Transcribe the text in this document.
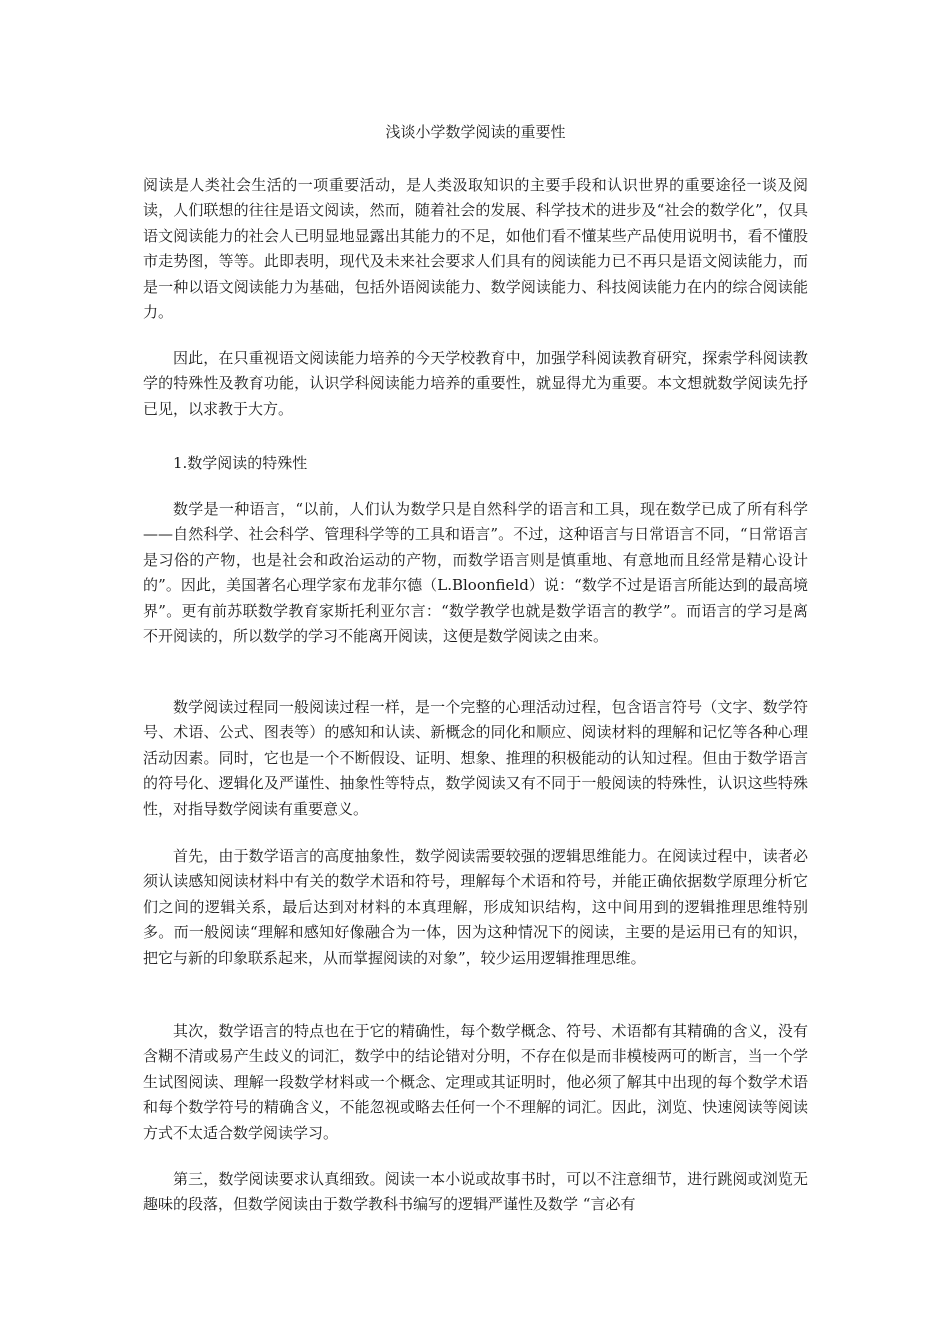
浅谈小学数学阅读的重要性

阅读是人类社会生活的一项重要活动，是人类汲取知识的主要手段和认识世界的重要途径一谈及阅读，人们联想的往往是语文阅读，然而，随着社会的发展、科学技术的进步及“社会的数学化”，仅具语文阅读能力的社会人已明显地显露出其能力的不足，如他们看不懂某些产品使用说明书，看不懂股市走势图，等等。此即表明，现代及未来社会要求人们具有的阅读能力已不再只是语文阅读能力，而是一种以语文阅读能力为基础，包括外语阅读能力、数学阅读能力、科技阅读能力在内的综合阅读能力。

因此，在只重视语文阅读能力培养的今天学校教育中，加强学科阅读教育研究，探索学科阅读教学的特殊性及教育功能，认识学科阅读能力培养的重要性，就显得尤为重要。本文想就数学阅读先抒已见，以求教于大方。

1.数学阅读的特殊性

数学是一种语言，“以前，人们认为数学只是自然科学的语言和工具，现在数学已成了所有科学——自然科学、社会科学、管理科学等的工具和语言”。不过，这种语言与日常语言不同，“日常语言是习俗的产物，也是社会和政治运动的产物，而数学语言则是慎重地、有意地而且经常是精心设计的”。因此，美国著名心理学家布龙菲尔德（L.Bloonfield）说：“数学不过是语言所能达到的最高境界”。更有前苏联数学教育家斯托利亚尔言：“数学教学也就是数学语言的教学”。而语言的学习是离不开阅读的，所以数学的学习不能离开阅读，这便是数学阅读之由来。

数学阅读过程同一般阅读过程一样，是一个完整的心理活动过程，包含语言符号（文字、数学符号、术语、公式、图表等）的感知和认读、新概念的同化和顺应、阅读材料的理解和记忆等各种心理活动因素。同时，它也是一个不断假设、证明、想象、推理的积极能动的认知过程。但由于数学语言的符号化、逻辑化及严谨性、抽象性等特点，数学阅读又有不同于一般阅读的特殊性，认识这些特殊性，对指导数学阅读有重要意义。

首先，由于数学语言的高度抽象性，数学阅读需要较强的逻辑思维能力。在阅读过程中，读者必须认读感知阅读材料中有关的数学术语和符号，理解每个术语和符号，并能正确依据数学原理分析它们之间的逻辑关系，最后达到对材料的本真理解，形成知识结构，这中间用到的逻辑推理思维特别多。而一般阅读“理解和感知好像融合为一体，因为这种情况下的阅读，主要的是运用已有的知识，把它与新的印象联系起来，从而掌握阅读的对象”，较少运用逻辑推理思维。

其次，数学语言的特点也在于它的精确性，每个数学概念、符号、术语都有其精确的含义，没有含糊不清或易产生歧义的词汇，数学中的结论错对分明，不存在似是而非模棱两可的断言，当一个学生试图阅读、理解一段数学材料或一个概念、定理或其证明时，他必须了解其中出现的每个数学术语和每个数学符号的精确含义，不能忽视或略去任何一个不理解的词汇。因此，浏览、快速阅读等阅读方式不太适合数学阅读学习。

第三，数学阅读要求认真细致。阅读一本小说或故事书时，可以不注意细节，进行跳阅或浏览无趣味的段落，但数学阅读由于数学教科书编写的逻辑严谨性及数学 “言必有
